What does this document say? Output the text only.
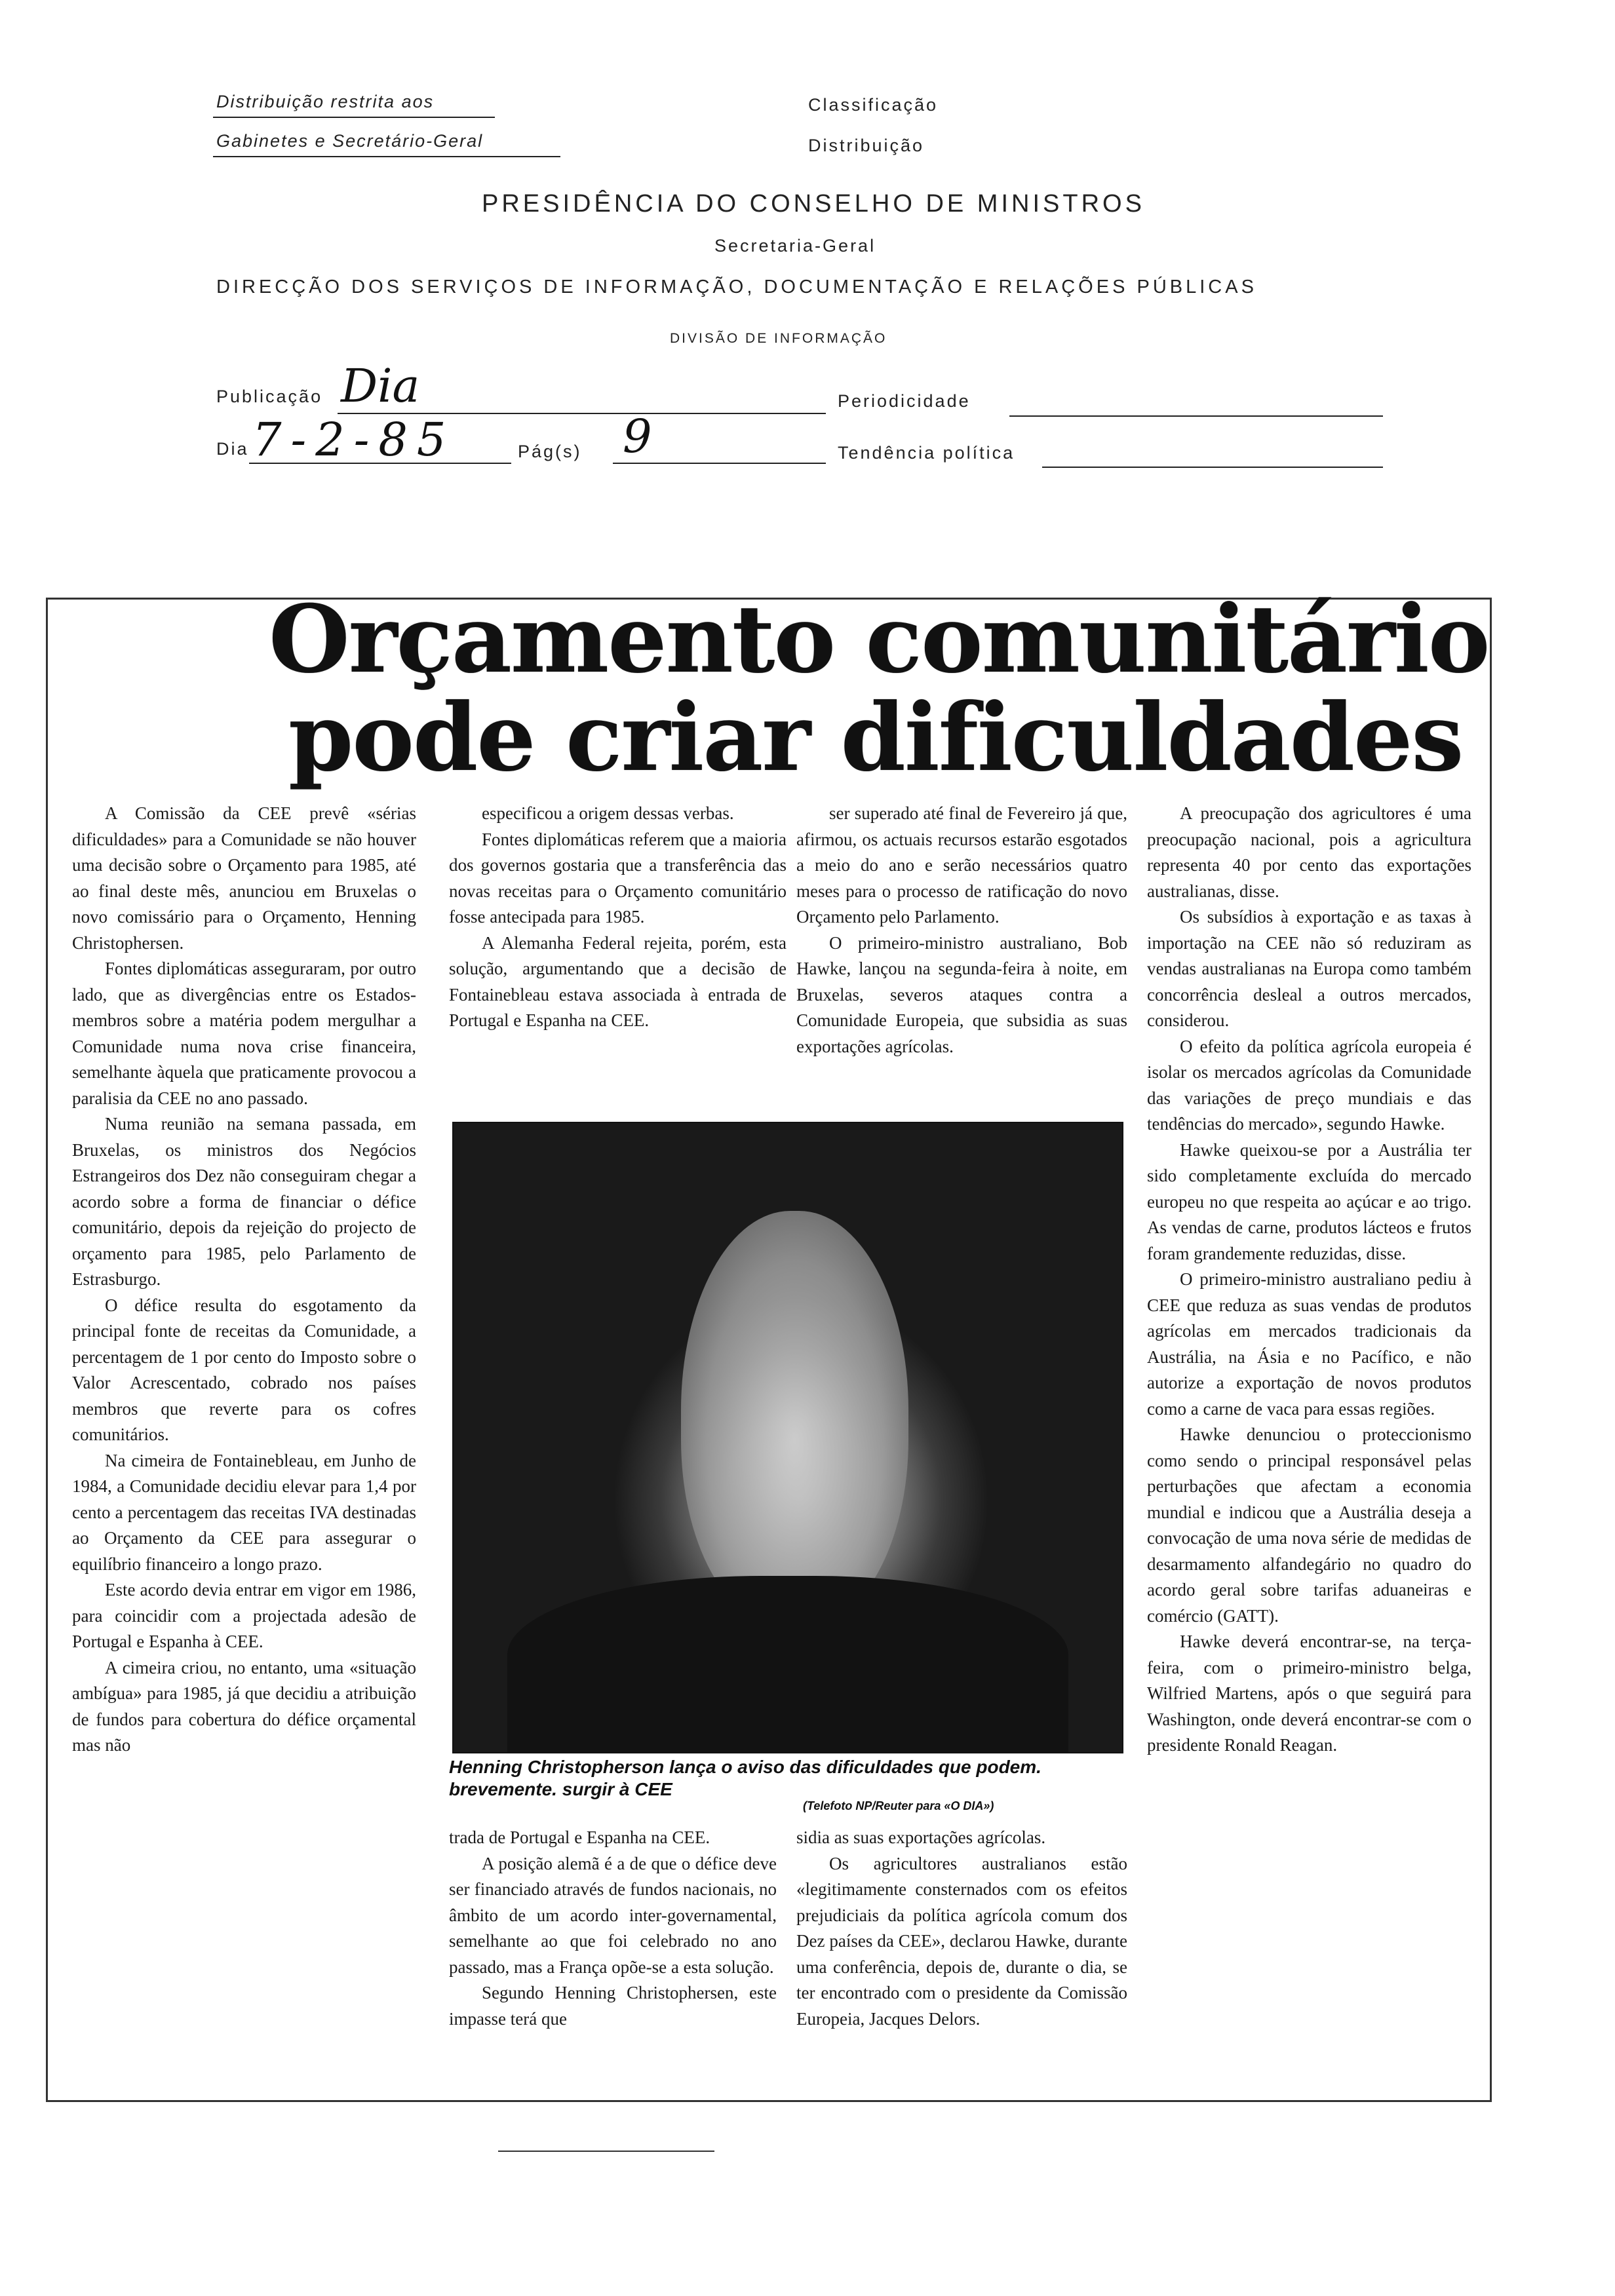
Distribuição restrita aos
Gabinetes e Secretário-Geral
Classificação
Distribuição
PRESIDÊNCIA DO CONSELHO DE MINISTROS
Secretaria-Geral
DIRECÇÃO DOS SERVIÇOS DE INFORMAÇÃO, DOCUMENTAÇÃO E RELAÇÕES PÚBLICAS
DIVISÃO DE INFORMAÇÃO
Publicação Dia	Periodicidade
Dia 7-2-85	Pág(s) 9	Tendência política
Orçamento comunitário
pode criar dificuldades

A Comissão da CEE prevê «sérias dificuldades» para a Comunidade se não houver uma decisão sobre o Orçamento para 1985, até ao final deste mês, anunciou em Bruxelas o novo comissário para o Orçamento, Henning Christophersen.

Fontes diplomáticas asseguraram, por outro lado, que as divergências entre os Estados-membros sobre a matéria podem mergulhar a Comunidade numa nova crise financeira, semelhante àquela que praticamente provocou a paralisia da CEE no ano passado.

Numa reunião na semana passada, em Bruxelas, os ministros dos Negócios Estrangeiros dos Dez não conseguiram chegar a acordo sobre a forma de financiar o défice comunitário, depois da rejeição do projecto de orçamento para 1985, pelo Parlamento de Estrasburgo.

O défice resulta do esgotamento da principal fonte de receitas da Comunidade, a percentagem de 1 por cento do Imposto sobre o Valor Acrescentado, cobrado nos países membros que reverte para os cofres comunitários.

Na cimeira de Fontainebleau, em Junho de 1984, a Comunidade decidiu elevar para 1,4 por cento a percentagem das receitas IVA destinadas ao Orçamento da CEE para assegurar o equilíbrio financeiro a longo prazo.

Este acordo devia entrar em vigor em 1986, para coincidir com a projectada adesão de Portugal e Espanha à CEE.

A cimeira criou, no entanto, uma «situação ambígua» para 1985, já que decidiu a atribuição de fundos para cobertura do défice orçamental mas não

especificou a origem dessas verbas.

Fontes diplomáticas referem que a maioria dos governos gostaria que a transferência das novas receitas para o Orçamento comunitário fosse antecipada para 1985.

A Alemanha Federal rejeita, porém, esta solução, argumentando que a decisão de Fontainebleau estava associada à entrada de Portugal e Espanha na CEE.

ser superado até final de Fevereiro já que, afirmou, os actuais recursos estarão esgotados a meio do ano e serão necessários quatro meses para o processo de ratificação do novo Orçamento pelo Parlamento.

O primeiro-ministro australiano, Bob Hawke, lançou na segunda-feira à noite, em Bruxelas, severos ataques contra a Comunidade Europeia, que subsidia as suas exportações agrícolas.

Henning Christopherson lança o aviso das dificuldades que podem. brevemente. surgir à CEE
(Telefoto NP/Reuter para «O DIA»)

trada de Portugal e Espanha na CEE.

A posição alemã é a de que o défice deve ser financiado através de fundos nacionais, no âmbito de um acordo inter-governamental, semelhante ao que foi celebrado no ano passado, mas a França opõe-se a esta solução.

Segundo Henning Christophersen, este impasse terá que

sidia as suas exportações agrícolas.

Os agricultores australianos estão «legitimamente consternados com os efeitos prejudiciais da política agrícola comum dos Dez países da CEE», declarou Hawke, durante uma conferência, depois de, durante o dia, se ter encontrado com o presidente da Comissão Europeia, Jacques Delors.

A preocupação dos agricultores é uma preocupação nacional, pois a agricultura representa 40 por cento das exportações australianas, disse.

Os subsídios à exportação e as taxas à importação na CEE não só reduziram as vendas australianas na Europa como também concorrência desleal a outros mercados, considerou.

O efeito da política agrícola europeia é isolar os mercados agrícolas da Comunidade das variações de preço mundiais e das tendências do mercado», segundo Hawke.

Hawke queixou-se por a Austrália ter sido completamente excluída do mercado europeu no que respeita ao açúcar e ao trigo. As vendas de carne, produtos lácteos e frutos foram grandemente reduzidas, disse.

O primeiro-ministro australiano pediu à CEE que reduza as suas vendas de produtos agrícolas em mercados tradicionais da Austrália, na Ásia e no Pacífico, e não autorize a exportação de novos produtos como a carne de vaca para essas regiões.

Hawke denunciou o proteccionismo como sendo o principal responsável pelas perturbações que afectam a economia mundial e indicou que a Austrália deseja a convocação de uma nova série de medidas de desarmamento alfandegário no quadro do acordo geral sobre tarifas aduaneiras e comércio (GATT).

Hawke deverá encontrar-se, na terça-feira, com o primeiro-ministro belga, Wilfried Martens, após o que seguirá para Washington, onde deverá encontrar-se com o presidente Ronald Reagan.
